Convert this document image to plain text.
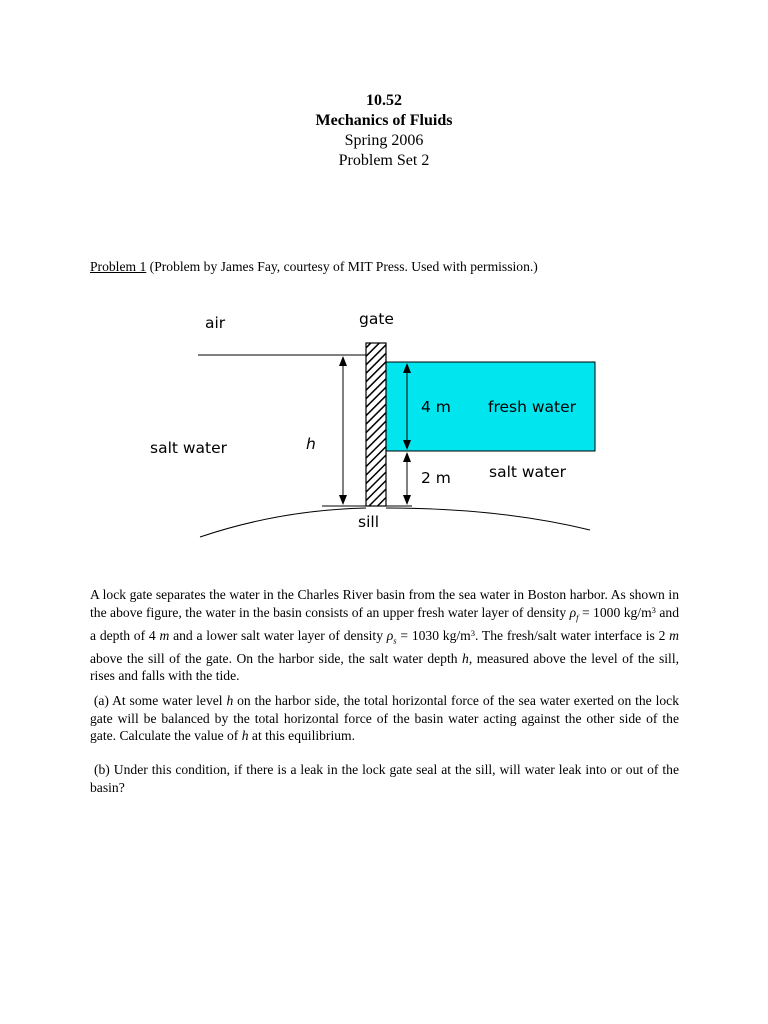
10.52
Mechanics of Fluids
Spring 2006
Problem Set 2
Problem 1 (Problem by James Fay, courtesy of MIT Press. Used with permission.)
air	gate
salt water	h
4 m fresh water
2 m salt water
sill
A lock gate separates the water in the Charles River basin from the sea water in Boston harbor. As shown in the above figure, the water in the basin consists of an upper fresh water layer of density $\rho_f = 1000$ $kg/m^3$ and a depth of 4 m and a lower salt water layer of density $\rho_s = 1030$ $kg/m^3$. The fresh/salt water interface is 2 m above the sill of the gate. On the harbor side, the salt water depth h, measured above the level of the sill, rises and falls with the tide.
(a) At some water level h on the harbor side, the total horizontal force of the sea water exerted on the lock gate will be balanced by the total horizontal force of the basin water acting against the other side of the gate. Calculate the value of h at this equilibrium.
(b) Under this condition, if there is a leak in the lock gate seal at the sill, will water leak into or out of the basin?
